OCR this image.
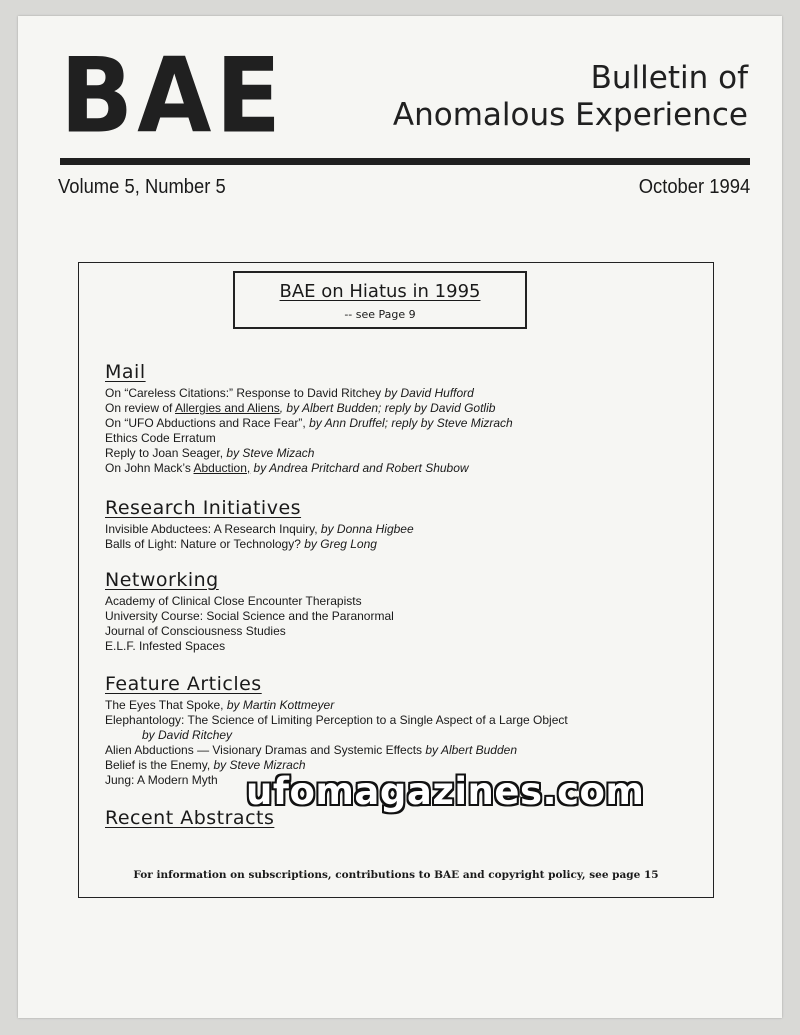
BAE	Bulletin of
Anomalous Experience
Volume 5, Number 5	October 1994
BAE on Hiatus in 1995
-- see Page 9
Mail
On “Careless Citations:” Response to David Ritchey by David Hufford
On review of Allergies and Aliens, by Albert Budden; reply by David Gotlib
On “UFO Abductions and Race Fear”, by Ann Druffel; reply by Steve Mizrach
Ethics Code Erratum
Reply to Joan Seager, by Steve Mizach
On John Mack’s Abduction, by Andrea Pritchard and Robert Shubow
Research Initiatives
Invisible Abductees: A Research Inquiry, by Donna Higbee
Balls of Light: Nature or Technology? by Greg Long
Networking
Academy of Clinical Close Encounter Therapists
University Course: Social Science and the Paranormal
Journal of Consciousness Studies
E.L.F. Infested Spaces
Feature Articles
The Eyes That Spoke, by Martin Kottmeyer
Elephantology: The Science of Limiting Perception to a Single Aspect of a Large Object
by David Ritchey
Alien Abductions — Visionary Dramas and Systemic Effects by Albert Budden
Belief is the Enemy, by Steve Mizrach
Jung: A Modern Myth
Recent Abstracts
For information on subscriptions, contributions to BAE and copyright policy, see page 15
ufomagazines.com
